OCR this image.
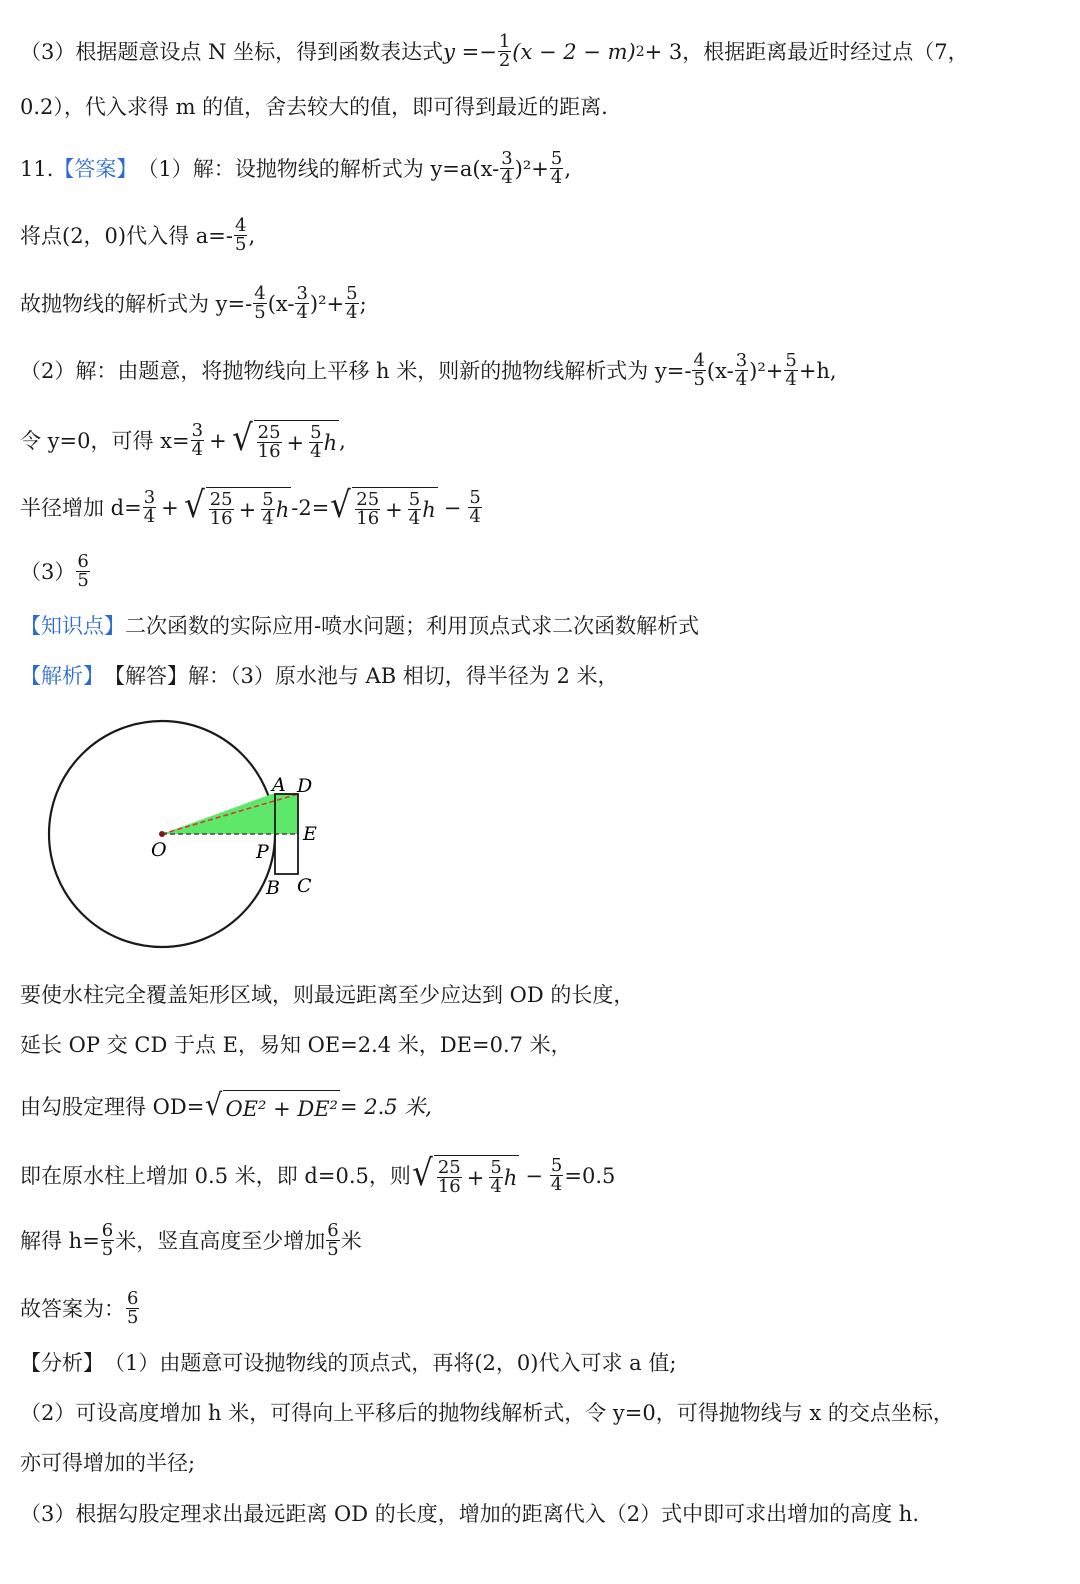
（3）根据题意设点 N 坐标，得到函数表达式 $y =- \frac{1}{2} (x - 2 - m) 2 + 3$，根据距离最近时经过点（7，
0.2），代入求得 m 的值，舍去较大的值，即可得到最近的距离.
11. 【答案】 （1）解：设抛物线的解析式为 $y=a(x- \frac{3}{4} )^2+ \frac{5}{4}$ ,
将点(2，0)代入得 $a=- \frac{4}{5}$ ,
故抛物线的解析式为 $y=- \frac{4}{5} (x- \frac{3}{4} )^2+ \frac{5}{4}$ ;
（2）解：由题意，将抛物线向上平移 h 米，则新的抛物线解析式为 $y=- \frac{4}{5} (x- \frac{3}{4} )^2+ \frac{5}{4} +h$,
令 y=0，可得 $x= \frac{3}{4}$ + √ $\frac{25}{16} + \frac{5}{4}$ h ,
半径增加 $d= \frac{3}{4}$ + √ $\frac{25}{16} + \frac{5}{4}$ h -2= √ $\frac{25}{16} + \frac{5}{4}$ $h - \frac{5}{4}$
$(3) \frac{6}{5}$
【知识点】 二次函数的实际应用-喷水问题；利用顶点式求二次函数解析式
【解析】 【解答】 解：（3）原水池与 AB 相切，得半径为 2 米，
O	P
A D
E
B C
要使水柱完全覆盖矩形区域，则最远距离至少应达到 OD 的长度，
延长 OP 交 CD 于点 E，易知 OE=2.4 米，DE=0.7 米，
由勾股定理得 OD= √ OE² + DE² = 2.5 米,
即在原水柱上增加 0.5 米，即 d=0.5，则 √ $\frac{25}{16} + \frac{5}{4}$ $h - \frac{5}{4} =0.5$
解得 $h= \frac{6}{5}$ 米，竖直高度至少增加 $\frac{6}{5}$ 米
故答案为： $\frac{6}{5}$
【分析】 （1）由题意可设抛物线的顶点式，再将(2，0)代入可求 a 值;
（2）可设高度增加 h 米，可得向上平移后的抛物线解析式，令 y=0，可得抛物线与 x 的交点坐标，
亦可得增加的半径;
（3）根据勾股定理求出最远距离 OD 的长度，增加的距离代入（2）式中即可求出增加的高度 h.
